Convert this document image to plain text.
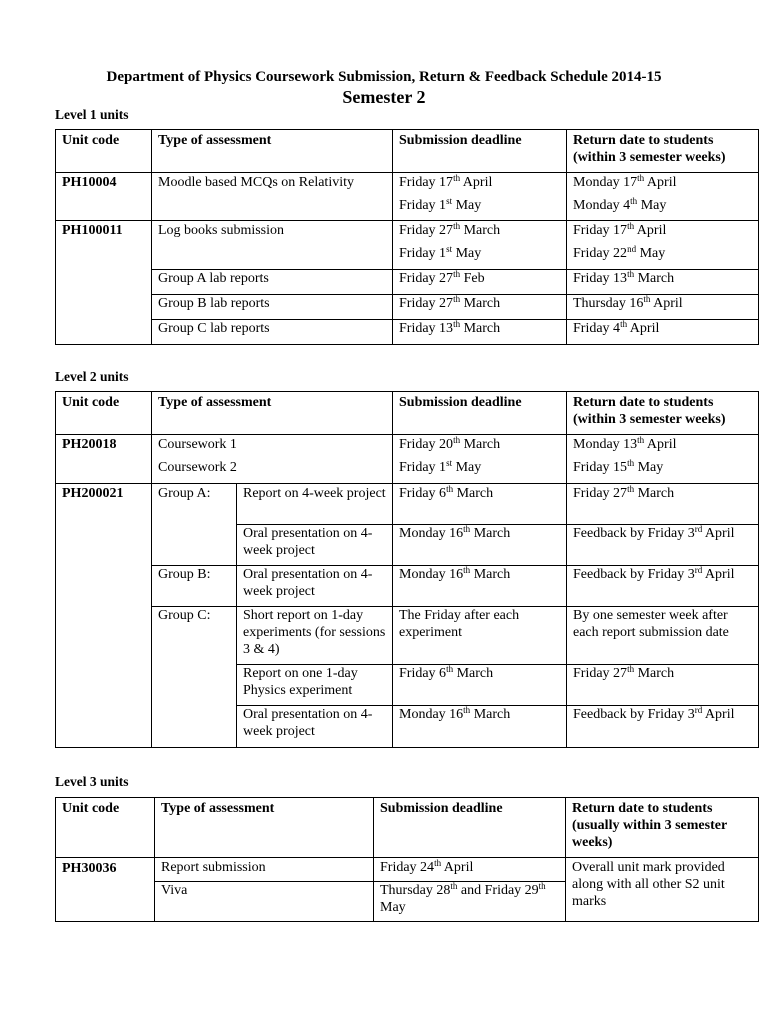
Department of Physics Coursework Submission, Return & Feedback Schedule 2014-15
Semester 2
Level 1 units
Unit code	Type of assessment	Submission deadline	Return date to students (within 3 semester weeks)
PH10004	Moodle based MCQs on Relativity	Friday 17th April	Monday 17th April
		Friday 1st May	Monday 4th May
PH100011	Log books submission	Friday 27th March	Friday 17th April
		Friday 1st May	Friday 22nd May
	Group A lab reports	Friday 27th Feb	Friday 13th March
	Group B lab reports	Friday 27th March	Thursday 16th April
	Group C lab reports	Friday 13th March	Friday 4th April
Level 2 units
Unit code	Type of assessment		Submission deadline	Return date to students (within 3 semester weeks)
PH20018	Coursework 1		Friday 20th March	Monday 13th April
	Coursework 2		Friday 1st May	Friday 15th May
PH200021	Group A:	Report on 4-week project	Friday 6th March	Friday 27th March
		Oral presentation on 4-week project	Monday 16th March	Feedback by Friday 3rd April
	Group B:	Oral presentation on 4-week project	Monday 16th March	Feedback by Friday 3rd April
	Group C:	Short report on 1-day experiments (for sessions 3 & 4)	The Friday after each experiment	By one semester week after each report submission date
		Report on one 1-day Physics experiment	Friday 6th March	Friday 27th March
		Oral presentation on 4-week project	Monday 16th March	Feedback by Friday 3rd April
Level 3 units
Unit code	Type of assessment	Submission deadline	Return date to students (usually within 3 semester weeks)
PH30036	Report submission	Friday 24th April	Overall unit mark provided along with all other S2 unit marks
	Viva	Thursday 28th and Friday 29th May	
